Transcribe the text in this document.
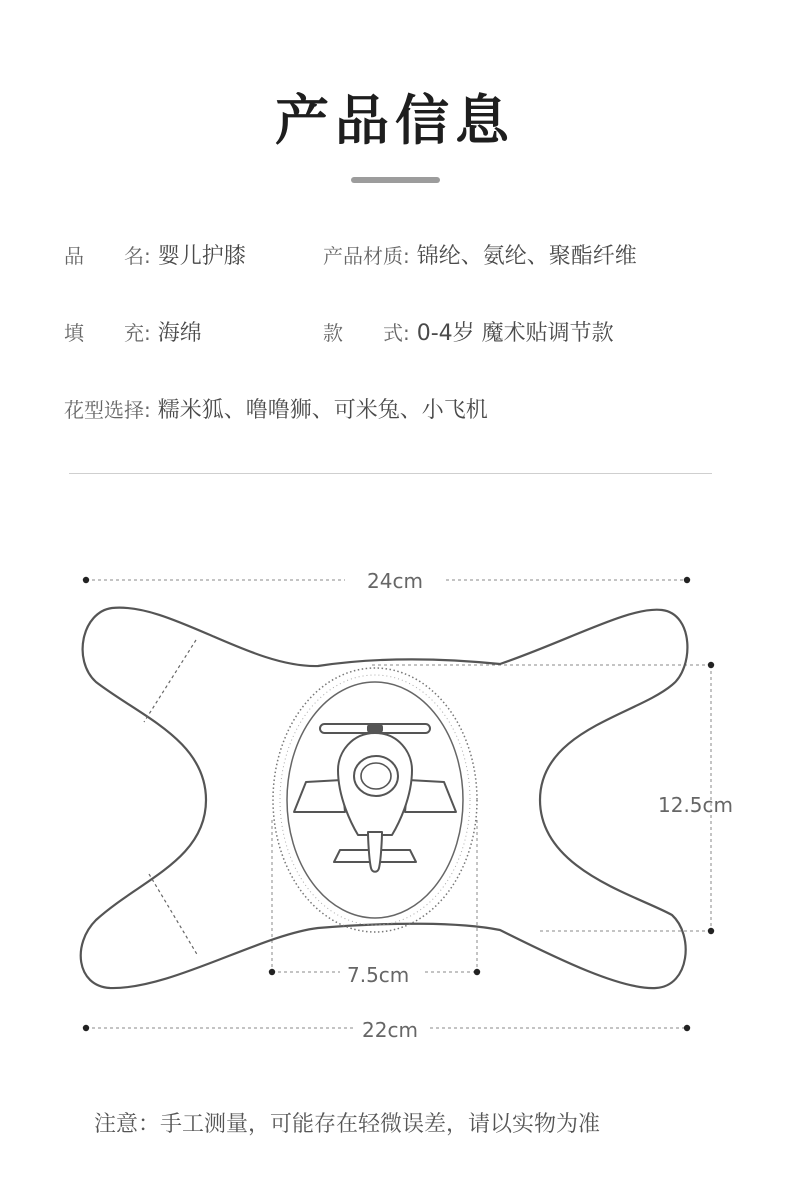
产品信息
品　　名: 婴儿护膝	产品材质: 锦纶、氨纶、聚酯纤维
填　　充: 海绵	款　　式: 0-4岁 魔术贴调节款
花型选择: 糯米狐、噜噜狮、可米兔、小飞机
24cm
12.5cm
7.5cm
22cm
注意：手工测量，可能存在轻微误差，请以实物为准
